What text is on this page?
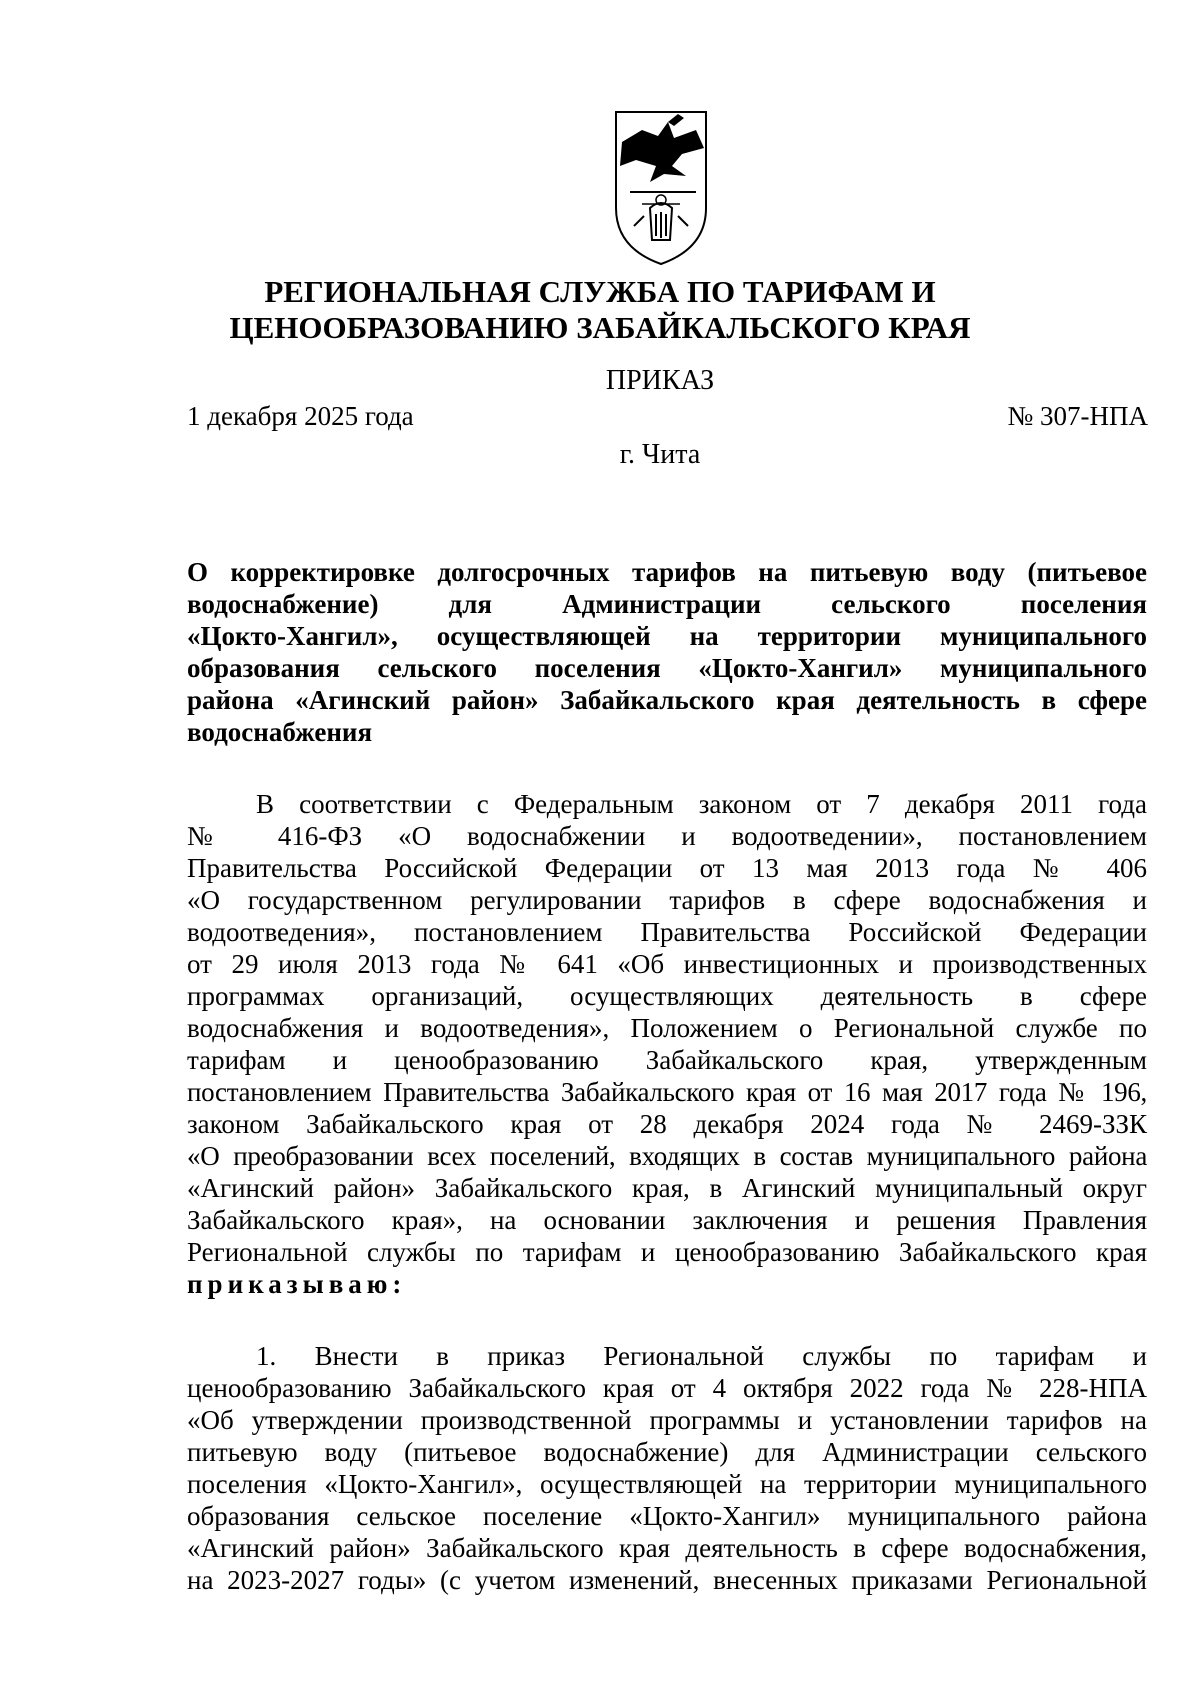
РЕГИОНАЛЬНАЯ СЛУЖБА ПО ТАРИФАМ И
ЦЕНООБРАЗОВАНИЮ ЗАБАЙКАЛЬСКОГО КРАЯ
ПРИКАЗ
1 декабря 2025 года	№ 307-НПА
г. Чита
О корректировке долгосрочных тарифов на питьевую воду (питьевое
водоснабжение) для Администрации сельского поселения
«Цокто-Хангил», осуществляющей на территории муниципального
образования сельского поселения «Цокто-Хангил» муниципального
района «Агинский район» Забайкальского края деятельность в сфере
водоснабжения
В соответствии с Федеральным законом от 7 декабря 2011 года
№ 416-ФЗ «О водоснабжении и водоотведении», постановлением
Правительства Российской Федерации от 13 мая 2013 года № 406
«О государственном регулировании тарифов в сфере водоснабжения и
водоотведения», постановлением Правительства Российской Федерации
от 29 июля 2013 года № 641 «Об инвестиционных и производственных
программах организаций, осуществляющих деятельность в сфере
водоснабжения и водоотведения», Положением о Региональной службе по
тарифам и ценообразованию Забайкальского края, утвержденным
постановлением Правительства Забайкальского края от 16 мая 2017 года № 196,
законом Забайкальского края от 28 декабря 2024 года № 2469-ЗЗК
«О преобразовании всех поселений, входящих в состав муниципального района
«Агинский район» Забайкальского края, в Агинский муниципальный округ
Забайкальского края», на основании заключения и решения Правления
Региональной службы по тарифам и ценообразованию Забайкальского края
приказываю:
1. Внести в приказ Региональной службы по тарифам и
ценообразованию Забайкальского края от 4 октября 2022 года № 228-НПА
«Об утверждении производственной программы и установлении тарифов на
питьевую воду (питьевое водоснабжение) для Администрации сельского
поселения «Цокто-Хангил», осуществляющей на территории муниципального
образования сельское поселение «Цокто-Хангил» муниципального района
«Агинский район» Забайкальского края деятельность в сфере водоснабжения,
на 2023-2027 годы» (с учетом изменений, внесенных приказами Региональной
